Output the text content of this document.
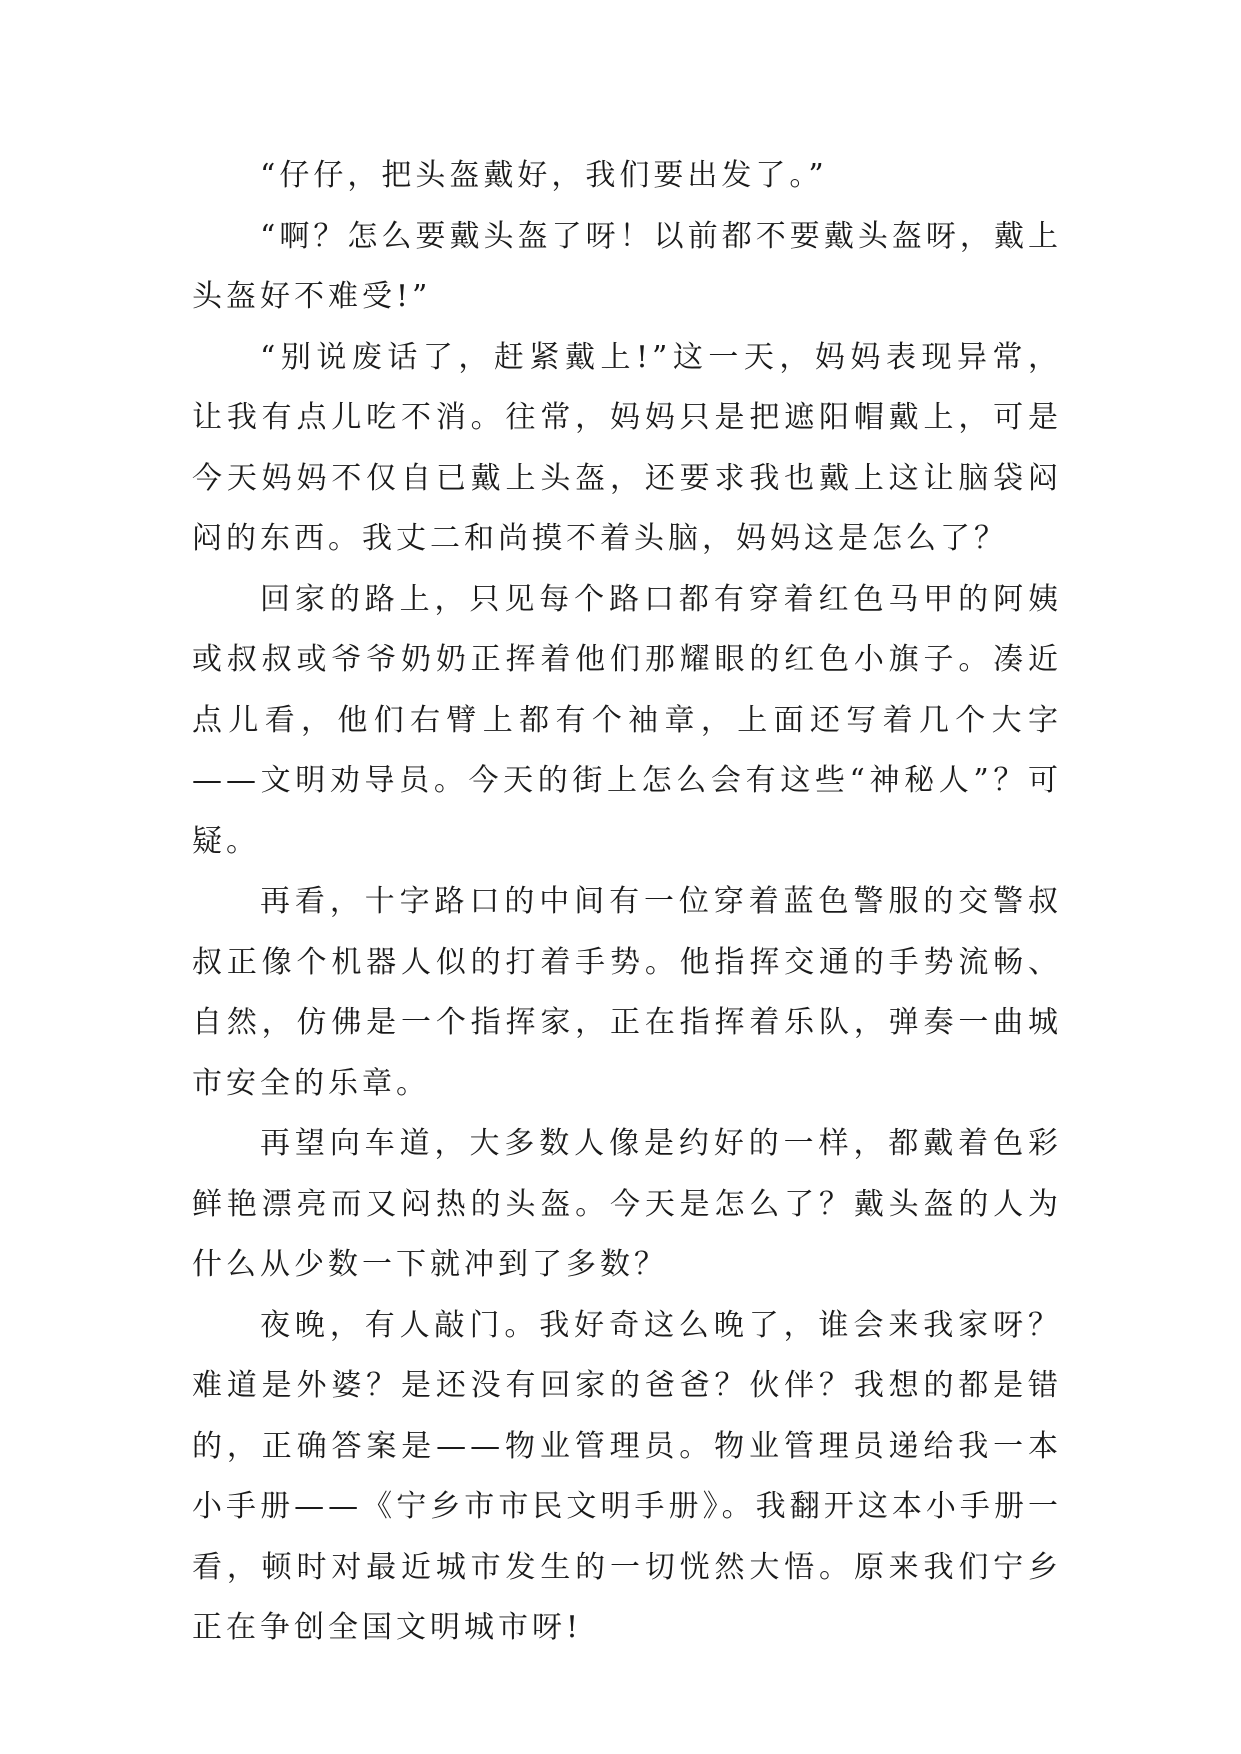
“仔仔，把头盔戴好，我们要出发了。”

“啊？怎么要戴头盔了呀！以前都不要戴头盔呀，戴上头盔好不难受!”

“别说废话了，赶紧戴上!”这一天，妈妈表现异常，让我有点儿吃不消。往常，妈妈只是把遮阳帽戴上，可是今天妈妈不仅自已戴上头盔，还要求我也戴上这让脑袋闷闷的东西。我丈二和尚摸不着头脑，妈妈这是怎么了？

回家的路上，只见每个路口都有穿着红色马甲的阿姨或叔叔或爷爷奶奶正挥着他们那耀眼的红色小旗子。凑近点儿看，他们右臂上都有个袖章，上面还写着几个大字——文明劝导员。今天的街上怎么会有这些“神秘人”？可疑。

再看，十字路口的中间有一位穿着蓝色警服的交警叔叔正像个机器人似的打着手势。他指挥交通的手势流畅、自然，仿佛是一个指挥家，正在指挥着乐队，弹奏一曲城市安全的乐章。

再望向车道，大多数人像是约好的一样，都戴着色彩鲜艳漂亮而又闷热的头盔。今天是怎么了？戴头盔的人为什么从少数一下就冲到了多数？

夜晚，有人敲门。我好奇这么晚了，谁会来我家呀？难道是外婆？是还没有回家的爸爸？伙伴？我想的都是错的，正确答案是——物业管理员。物业管理员递给我一本小手册——《宁乡市市民文明手册》。我翻开这本小手册一看，顿时对最近城市发生的一切恍然大悟。原来我们宁乡正在争创全国文明城市呀!
